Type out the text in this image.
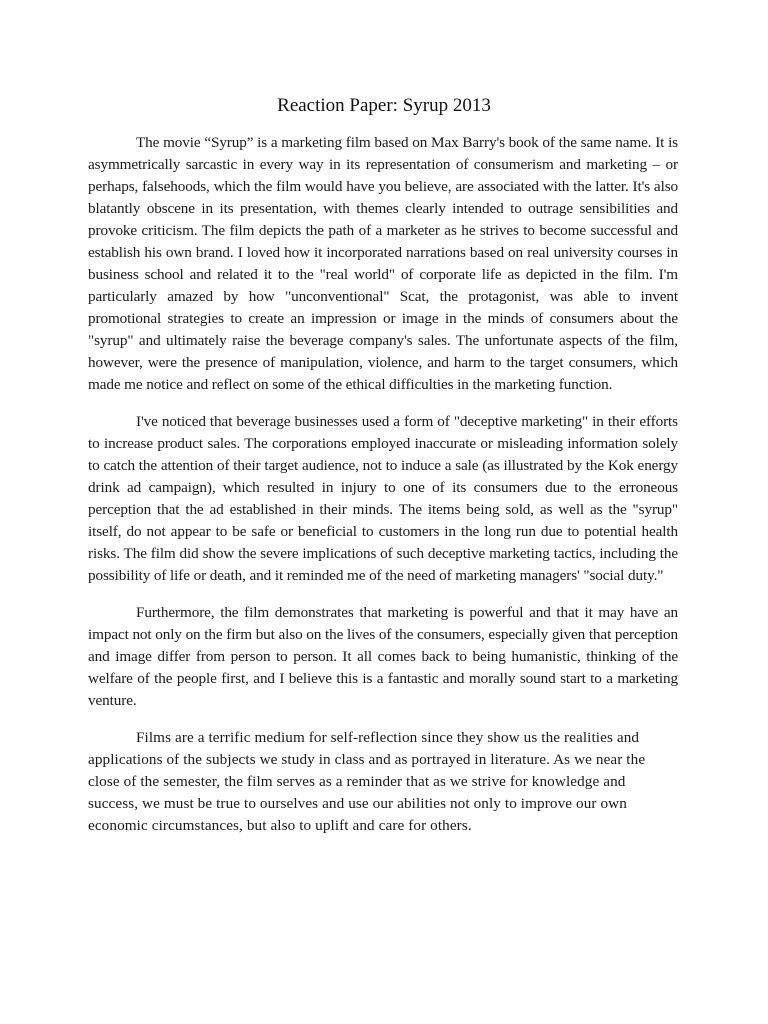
Reaction Paper: Syrup 2013

The movie “Syrup” is a marketing film based on Max Barry's book of the same name. It is asymmetrically sarcastic in every way in its representation of consumerism and marketing – or perhaps, falsehoods, which the film would have you believe, are associated with the latter. It's also blatantly obscene in its presentation, with themes clearly intended to outrage sensibilities and provoke criticism. The film depicts the path of a marketer as he strives to become successful and establish his own brand. I loved how it incorporated narrations based on real university courses in business school and related it to the "real world" of corporate life as depicted in the film. I'm particularly amazed by how "unconventional" Scat, the protagonist, was able to invent promotional strategies to create an impression or image in the minds of consumers about the "syrup" and ultimately raise the beverage company's sales. The unfortunate aspects of the film, however, were the presence of manipulation, violence, and harm to the target consumers, which made me notice and reflect on some of the ethical difficulties in the marketing function.

I've noticed that beverage businesses used a form of "deceptive marketing" in their efforts to increase product sales. The corporations employed inaccurate or misleading information solely to catch the attention of their target audience, not to induce a sale (as illustrated by the Kok energy drink ad campaign), which resulted in injury to one of its consumers due to the erroneous perception that the ad established in their minds. The items being sold, as well as the "syrup" itself, do not appear to be safe or beneficial to customers in the long run due to potential health risks. The film did show the severe implications of such deceptive marketing tactics, including the possibility of life or death, and it reminded me of the need of marketing managers' "social duty."

Furthermore, the film demonstrates that marketing is powerful and that it may have an impact not only on the firm but also on the lives of the consumers, especially given that perception and image differ from person to person. It all comes back to being humanistic, thinking of the welfare of the people first, and I believe this is a fantastic and morally sound start to a marketing venture.

Films are a terrific medium for self-reflection since they show us the realities and applications of the subjects we study in class and as portrayed in literature. As we near the close of the semester, the film serves as a reminder that as we strive for knowledge and success, we must be true to ourselves and use our abilities not only to improve our own economic circumstances, but also to uplift and care for others.
